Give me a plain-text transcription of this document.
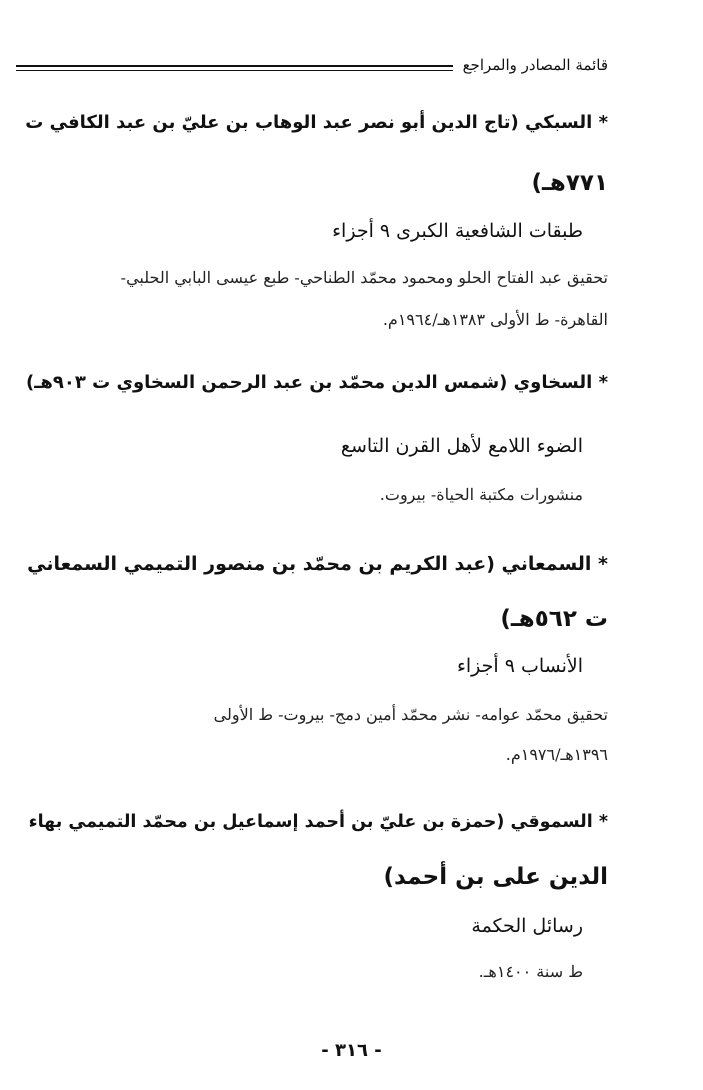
قائمة المصادر والمراجع
* السبكي (تاج الدين أبو نصر عبد الوهاب بن عليّ بن عبد الكافي ت
٧٧١هـ)
طبقات الشافعية الكبرى ٩ أجزاء
تحقيق عبد الفتاح الحلو ومحمود محمّد الطناحي- طبع عيسى البابي الحلبي-
القاهرة- ط الأولى ١٣٨٣هـ/١٩٦٤م.
* السخاوي (شمس الدين محمّد بن عبد الرحمن السخاوي ت ٩٠٣هـ)
الضوء اللامع لأهل القرن التاسع
منشورات مكتبة الحياة- بيروت.
* السمعاني (عبد الكريم بن محمّد بن منصور التميمي السمعاني
ت ٥٦٢هـ)
الأنساب ٩ أجزاء
تحقيق محمّد عوامه- نشر محمّد أمين دمج- بيروت- ط الأولى
١٣٩٦هـ/١٩٧٦م.
* السموقي (حمزة بن عليّ بن أحمد إسماعيل بن محمّد التميمي بهاء
الدين على بن أحمد)
رسائل الحكمة
ط سنة ١٤٠٠هـ.
- ٣١٦ -
